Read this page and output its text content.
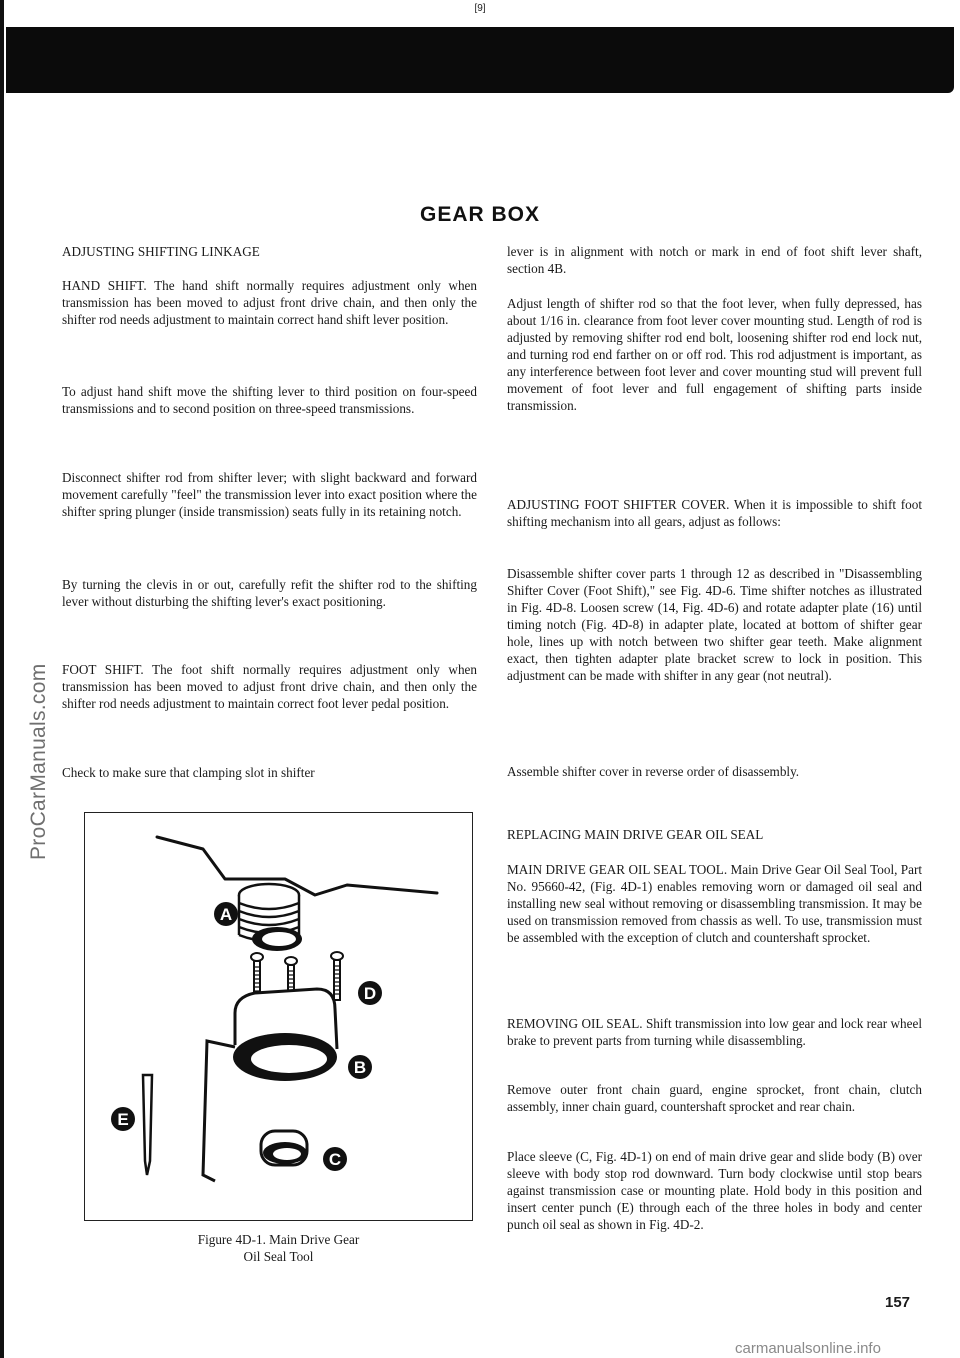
[9]
ProCarManuals.com
GEAR BOX

ADJUSTING SHIFTING LINKAGE

HAND SHIFT. The hand shift normally requires adjustment only when transmission has been moved to adjust front drive chain, and then only the shifter rod needs adjustment to maintain correct hand shift lever position.

To adjust hand shift move the shifting lever to third position on four-speed transmissions and to second position on three-speed transmissions.

Disconnect shifter rod from shifter lever; with slight backward and forward movement carefully "feel" the transmission lever into exact position where the shifter spring plunger (inside transmission) seats fully in its retaining notch.

By turning the clevis in or out, carefully refit the shifter rod to the shifting lever without disturbing the shifting lever's exact positioning.

FOOT SHIFT. The foot shift normally requires adjustment only when transmission has been moved to adjust front drive chain, and then only the shifter rod needs adjustment to maintain correct foot lever pedal position.

Check to make sure that clamping slot in shifter

A
D
B
E
C
Figure 4D-1. Main Drive Gear
Oil Seal Tool

lever is in alignment with notch or mark in end of foot shift lever shaft, section 4B.

Adjust length of shifter rod so that the foot lever, when fully depressed, has about 1/16 in. clearance from foot lever cover mounting stud. Length of rod is adjusted by removing shifter rod end bolt, loosening shifter rod end lock nut, and turning rod end farther on or off rod. This rod adjustment is important, as any interference between foot lever and cover mounting stud will prevent full movement of foot lever and full engagement of shifting parts inside transmission.

ADJUSTING FOOT SHIFTER COVER. When it is impossible to shift foot shifting mechanism into all gears, adjust as follows:

Disassemble shifter cover parts 1 through 12 as described in "Disassembling Shifter Cover (Foot Shift)," see Fig. 4D-6. Time shifter notches as illustrated in Fig. 4D-8. Loosen screw (14, Fig. 4D-6) and rotate adapter plate (16) until timing notch (Fig. 4D-8) in adapter plate, located at bottom of shifter gear hole, lines up with notch between two shifter gear teeth. Make alignment exact, then tighten adapter plate bracket screw to lock in position. This adjustment can be made with shifter in any gear (not neutral).

Assemble shifter cover in reverse order of disassembly.

REPLACING MAIN DRIVE GEAR OIL SEAL

MAIN DRIVE GEAR OIL SEAL TOOL. Main Drive Gear Oil Seal Tool, Part No. 95660-42, (Fig. 4D-1) enables removing worn or damaged oil seal and installing new seal without removing or disassembling transmission. It may be used on transmission removed from chassis as well. To use, transmission must be assembled with the exception of clutch and countershaft sprocket.

REMOVING OIL SEAL. Shift transmission into low gear and lock rear wheel brake to prevent parts from turning while disassembling.

Remove outer front chain guard, engine sprocket, front chain, clutch assembly, inner chain guard, countershaft sprocket and rear chain.

Place sleeve (C, Fig. 4D-1) on end of main drive gear and slide body (B) over sleeve with body stop rod downward. Turn body clockwise until stop bears against transmission case or mounting plate. Hold body in this position and insert center punch (E) through each of the three holes in body and center punch oil seal as shown in Fig. 4D-2.

157
carmanualsonline.info
